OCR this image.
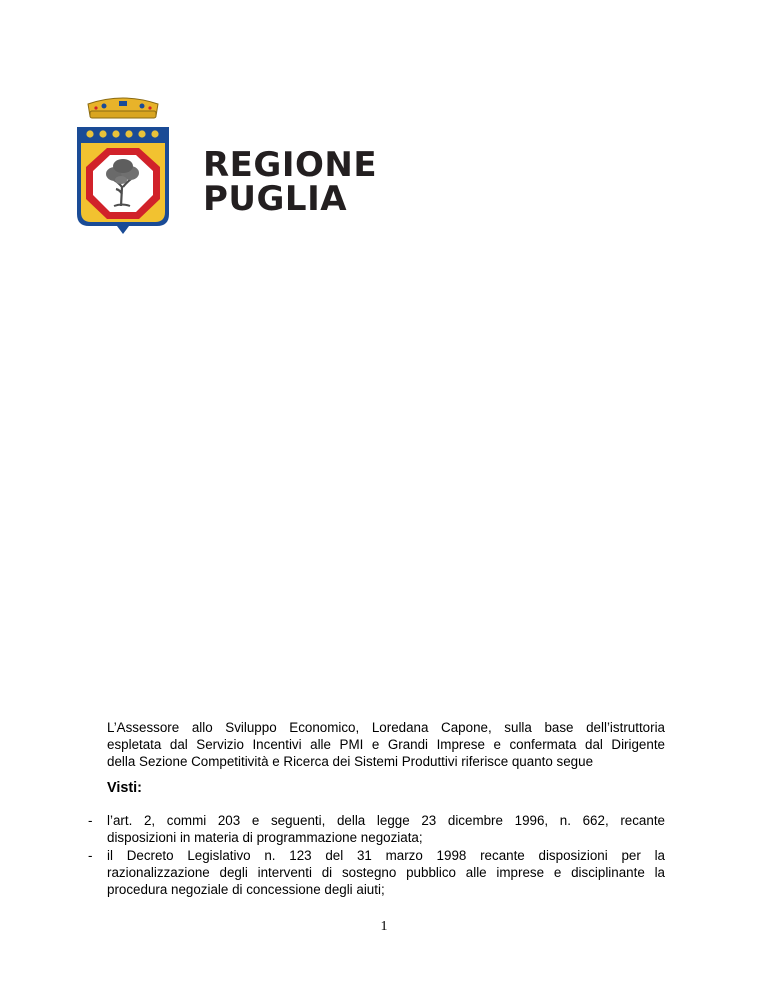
REGIONE
PUGLIA
L’Assessore allo Sviluppo Economico, Loredana Capone, sulla base dell’istruttoria
espletata dal Servizio Incentivi alle PMI e Grandi Imprese e confermata dal Dirigente
della Sezione Competitività e Ricerca dei Sistemi Produttivi riferisce quanto segue
Visti:
- l’art. 2, commi 203 e seguenti, della legge 23 dicembre 1996, n. 662, recante
disposizioni in materia di programmazione negoziata;
- il Decreto Legislativo n. 123 del 31 marzo 1998 recante disposizioni per la
razionalizzazione degli interventi di sostegno pubblico alle imprese e disciplinante la
procedura negoziale di concessione degli aiuti;
1
